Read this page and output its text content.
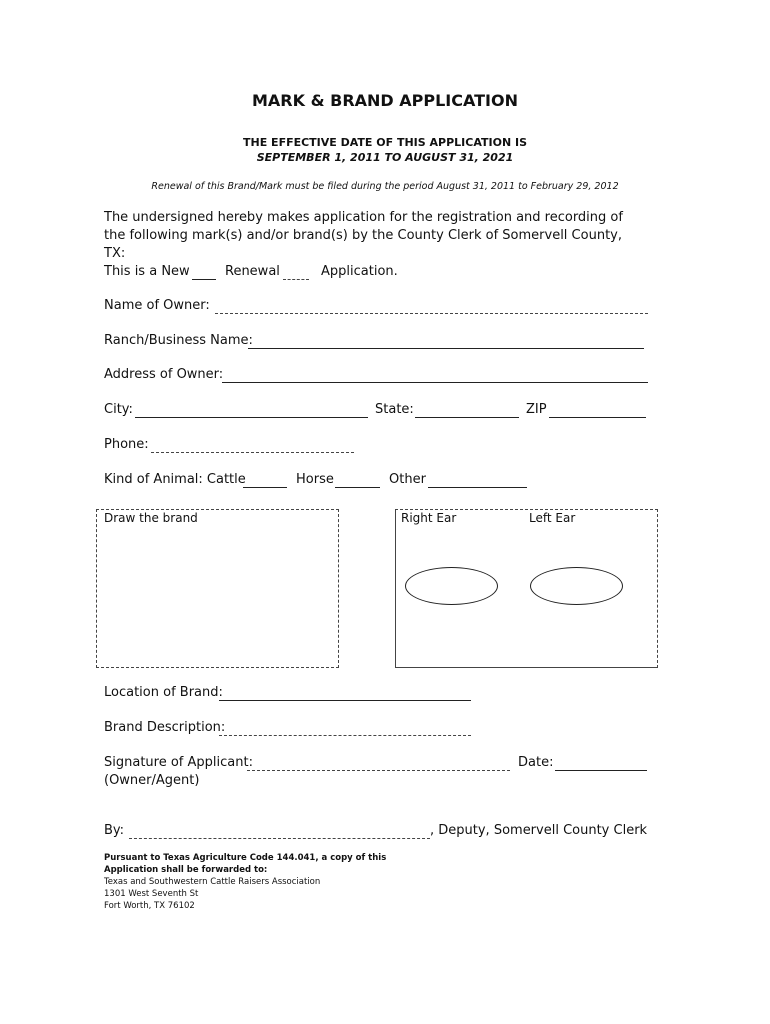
MARK & BRAND APPLICATION
THE EFFECTIVE DATE OF THIS APPLICATION IS
SEPTEMBER 1, 2011 TO AUGUST 31, 2021
Renewal of this Brand/Mark must be filed during the period August 31, 2011 to February 29, 2012
The undersigned hereby makes application for the registration and recording of the following mark(s) and/or brand(s) by the County Clerk of Somervell County, TX:
This is a New	Renewal	Application.
Name of Owner:
Ranch/Business Name:
Address of Owner:
City:	State:	ZIP
Phone:
Kind of Animal: Cattle	Horse	Other
Draw the brand	Right Ear	Left Ear
Location of Brand:
Brand Description:
Signature of Applicant:	Date:
(Owner/Agent)
By:	, Deputy, Somervell County Clerk
Pursuant to Texas Agriculture Code 144.041, a copy of this
Application shall be forwarded to:
Texas and Southwestern Cattle Raisers Association
1301 West Seventh St
Fort Worth, TX 76102
